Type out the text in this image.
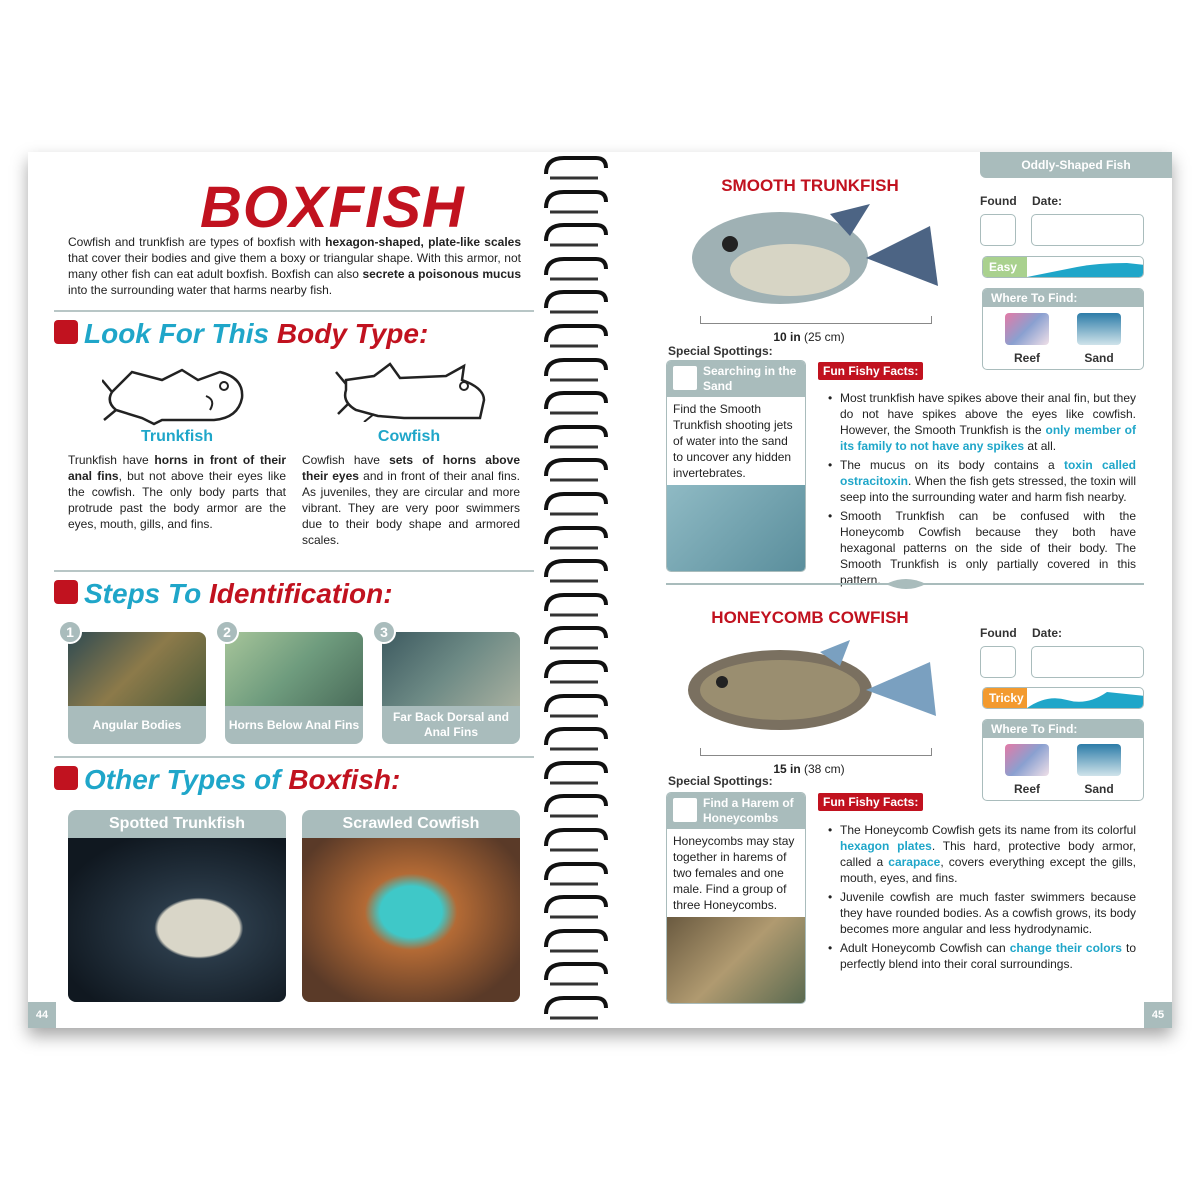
BOXFISH

Cowfish and trunkfish are types of boxfish with hexagon-shaped, plate-like scales that cover their bodies and give them a boxy or triangular shape. With this armor, not many other fish can eat adult boxfish. Boxfish can also secrete a poisonous mucus into the surrounding water that harms nearby fish.

Look For This Body Type:
Trunkfish	Cowfish

Trunkfish have horns in front of their anal fins, but not above their eyes like the cowfish. The only body parts that protrude past the body armor are the eyes, mouth, gills, and fins.

Cowfish have sets of horns above their eyes and in front of their anal fins. As juveniles, they are circular and more vibrant. They are very poor swimmers due to their body shape and armored scales.

Steps To Identification:
Angular Bodies
1
Horns Below Anal Fins
2
Far Back Dorsal and Anal Fins
3
Other Types of Boxfish:
Spotted Trunkfish	Scrawled Cowfish
44
Oddly-Shaped Fish
SMOOTH TRUNKFISH
10 in (25 cm)
Found Date:
Easy
Where To Find:
Reef	Sand
Special Spottings:
Searching in the Sand
Find the Smooth Trunkfish shooting jets of water into the sand to uncover any hidden invertebrates.
Fun Fishy Facts:
• Most trunkfish have spikes above their anal fin, but they do not have spikes above the eyes like cowfish. However, the Smooth Trunkfish is the only member of its family to not have any spikes at all.
• The mucus on its body contains a toxin called ostracitoxin. When the fish gets stressed, the toxin will seep into the surrounding water and harm fish nearby.
• Smooth Trunkfish can be confused with the Honeycomb Cowfish because they both have hexagonal patterns on the side of their body. The Smooth Trunkfish is only partially covered in this pattern.
HONEYCOMB COWFISH
15 in (38 cm)
Found Date:
Tricky
Where To Find:
Reef	Sand
Special Spottings:
Find a Harem of Honeycombs
Honeycombs may stay together in harems of two females and one male. Find a group of three Honeycombs.
Fun Fishy Facts:
• The Honeycomb Cowfish gets its name from its colorful hexagon plates. This hard, protective body armor, called a carapace, covers everything except the gills, mouth, eyes, and fins.
• Juvenile cowfish are much faster swimmers because they have rounded bodies. As a cowfish grows, its body becomes more angular and less hydrodynamic.
• Adult Honeycomb Cowfish can change their colors to perfectly blend into their coral surroundings.
45
